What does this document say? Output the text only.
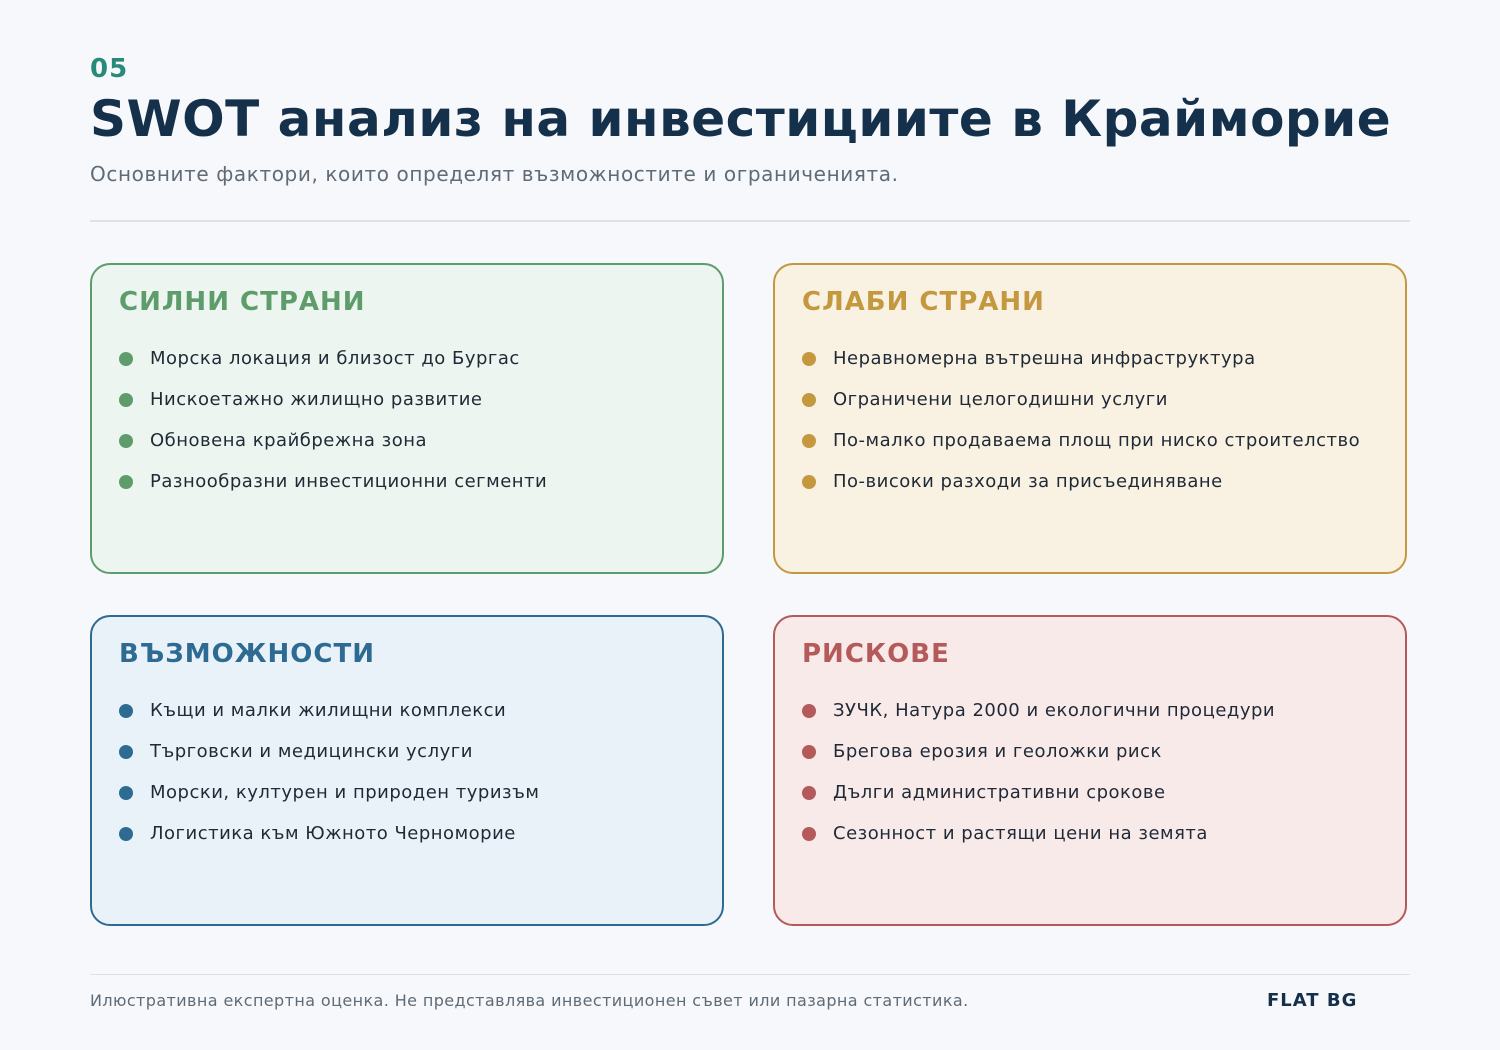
05
SWOT анализ на инвестициите в Крайморие
Основните фактори, които определят възможностите и ограниченията.
СИЛНИ СТРАНИ
Морска локация и близост до Бургас
Нискоетажно жилищно развитие
Обновена крайбрежна зона
Разнообразни инвестиционни сегменти
СЛАБИ СТРАНИ
Неравномерна вътрешна инфраструктура
Ограничени целогодишни услуги
По-малко продаваема площ при ниско строителство
По-високи разходи за присъединяване
ВЪЗМОЖНОСТИ
Къщи и малки жилищни комплекси
Търговски и медицински услуги
Морски, културен и природен туризъм
Логистика към Южното Черноморие
РИСКОВЕ
ЗУЧК, Натура 2000 и екологични процедури
Брегова ерозия и геоложки риск
Дълги административни срокове
Сезонност и растящи цени на земята
Илюстративна експертна оценка. Не представлява инвестиционен съвет или пазарна статистика.	FLAT BG
